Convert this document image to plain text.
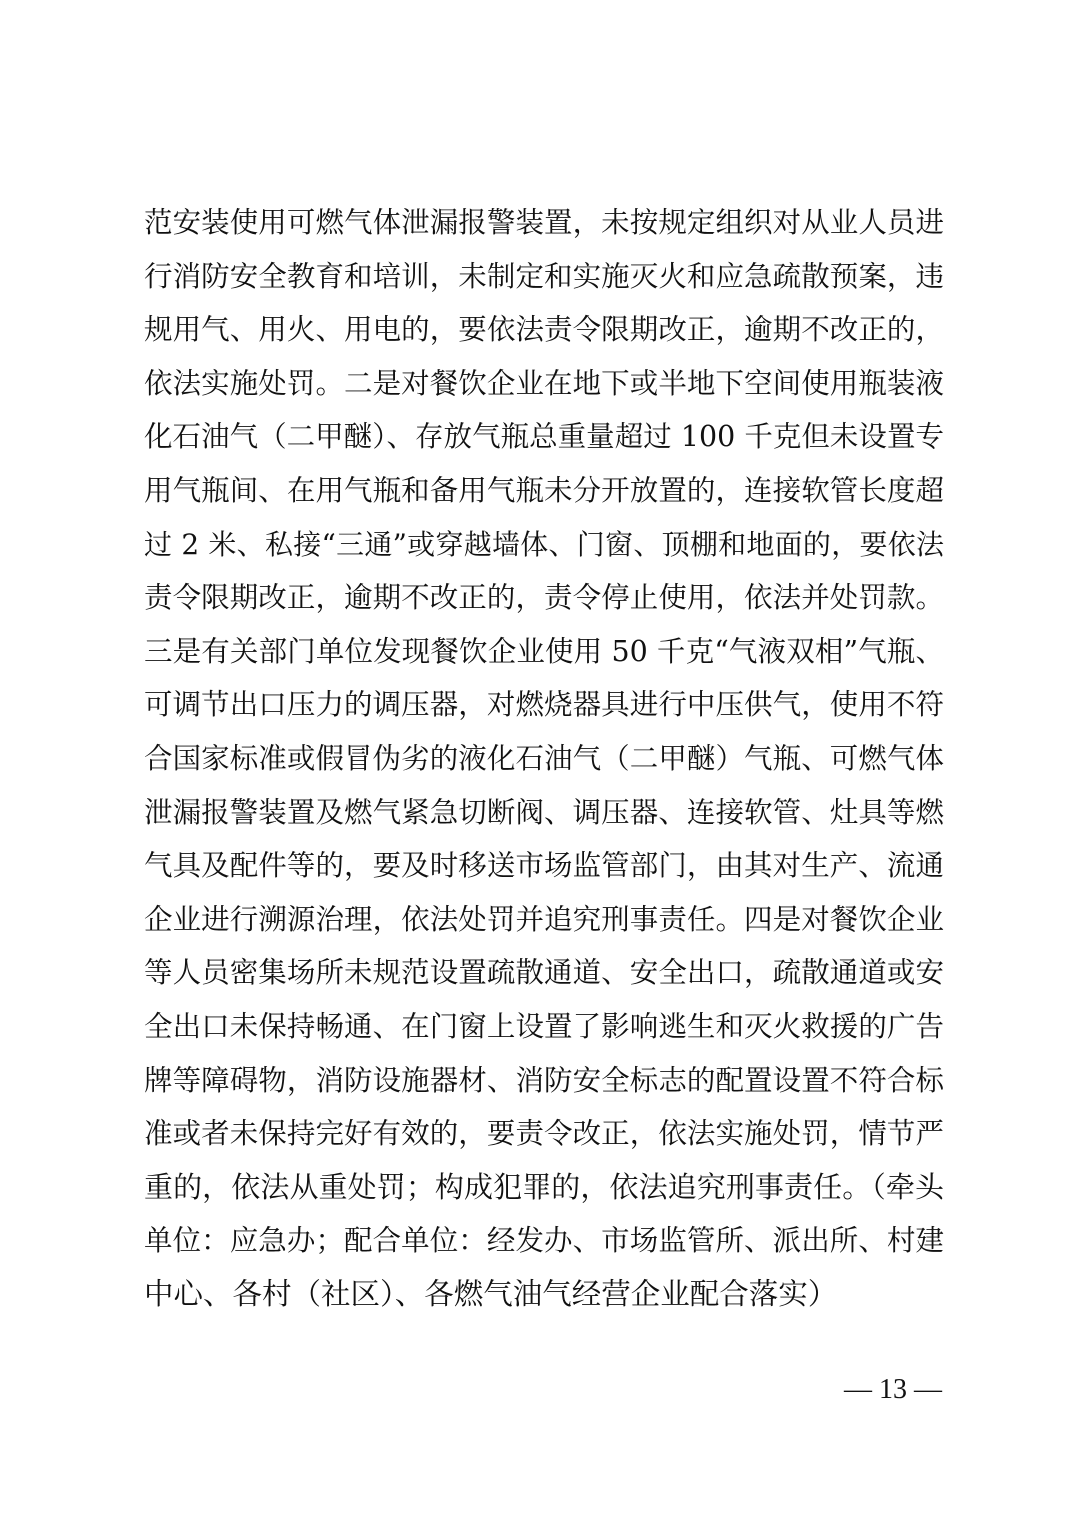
范安装使用可燃气体泄漏报警装置，未按规定组织对从业人员进
行消防安全教育和培训，未制定和实施灭火和应急疏散预案，违
规用气、用火、用电的，要依法责令限期改正，逾期不改正的，
依法实施处罚。二是对餐饮企业在地下或半地下空间使用瓶装液
化石油气（二甲醚）、存放气瓶总重量超过 100 千克但未设置专
用气瓶间、在用气瓶和备用气瓶未分开放置的，连接软管长度超
过 2 米、私接“三通”或穿越墙体、门窗、顶棚和地面的，要依法
责令限期改正，逾期不改正的，责令停止使用，依法并处罚款。
三是有关部门单位发现餐饮企业使用 50 千克“气液双相”气瓶、
可调节出口压力的调压器，对燃烧器具进行中压供气，使用不符
合国家标准或假冒伪劣的液化石油气（二甲醚）气瓶、可燃气体
泄漏报警装置及燃气紧急切断阀、调压器、连接软管、灶具等燃
气具及配件等的，要及时移送市场监管部门，由其对生产、流通
企业进行溯源治理，依法处罚并追究刑事责任。四是对餐饮企业
等人员密集场所未规范设置疏散通道、安全出口，疏散通道或安
全出口未保持畅通、在门窗上设置了影响逃生和灭火救援的广告
牌等障碍物，消防设施器材、消防安全标志的配置设置不符合标
准或者未保持完好有效的，要责令改正，依法实施处罚，情节严
重的，依法从重处罚；构成犯罪的，依法追究刑事责任。（牵头
单位：应急办；配合单位：经发办、市场监管所、派出所、村建
中心、各村（社区）、各燃气油气经营企业配合落实）
— 13 —
